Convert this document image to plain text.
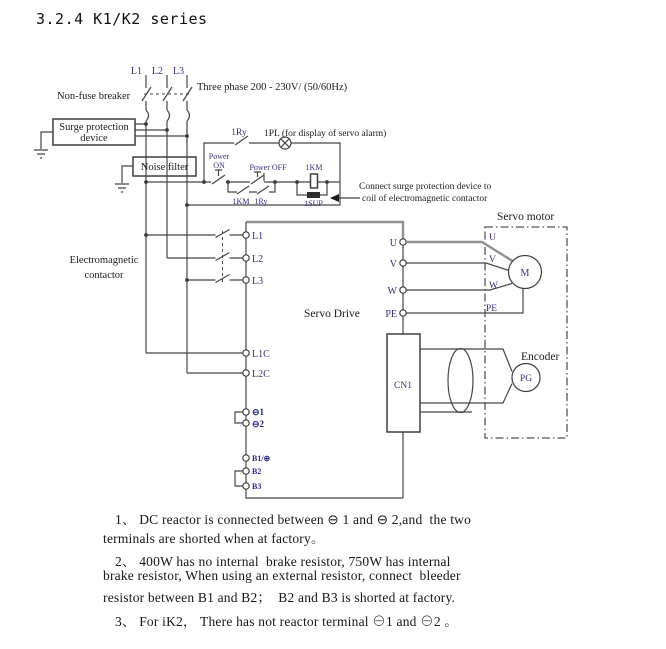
3.2.4 K1/K2 series
L1 L2 L3
Three phase 200 - 230V/ (50/60Hz)
Non-fuse breaker
Surge protection
device
Noise filter
1Ry 1PL (for display of servo alarm)
Power
ON	Power OFF 1KM
1KM 1Ry	1SUP
Connect surge protection device to
coil of electromagnetic contactor
Electromagnetic
contactor
Servo Drive
L1
L2
L3
L1C
L2C
⊖1
⊖2
B1/⊕
B2
B3
U
V
W
PE
CN1
Servo motor
U
V
W
PE
M
Encoder
PG
1、 DC reactor is connected between ⊖ 1 and ⊖ 2,and  the two
terminals are shorted when at factory。
2、 400W has no internal  brake resistor, 750W has internal
brake resistor, When using an external resistor, connect  bleeder
resistor between B1 and B2；  B2 and B3 is shorted at factory.
3、 For iK2， There has not reactor terminal ⊖1 and ⊖2 。
